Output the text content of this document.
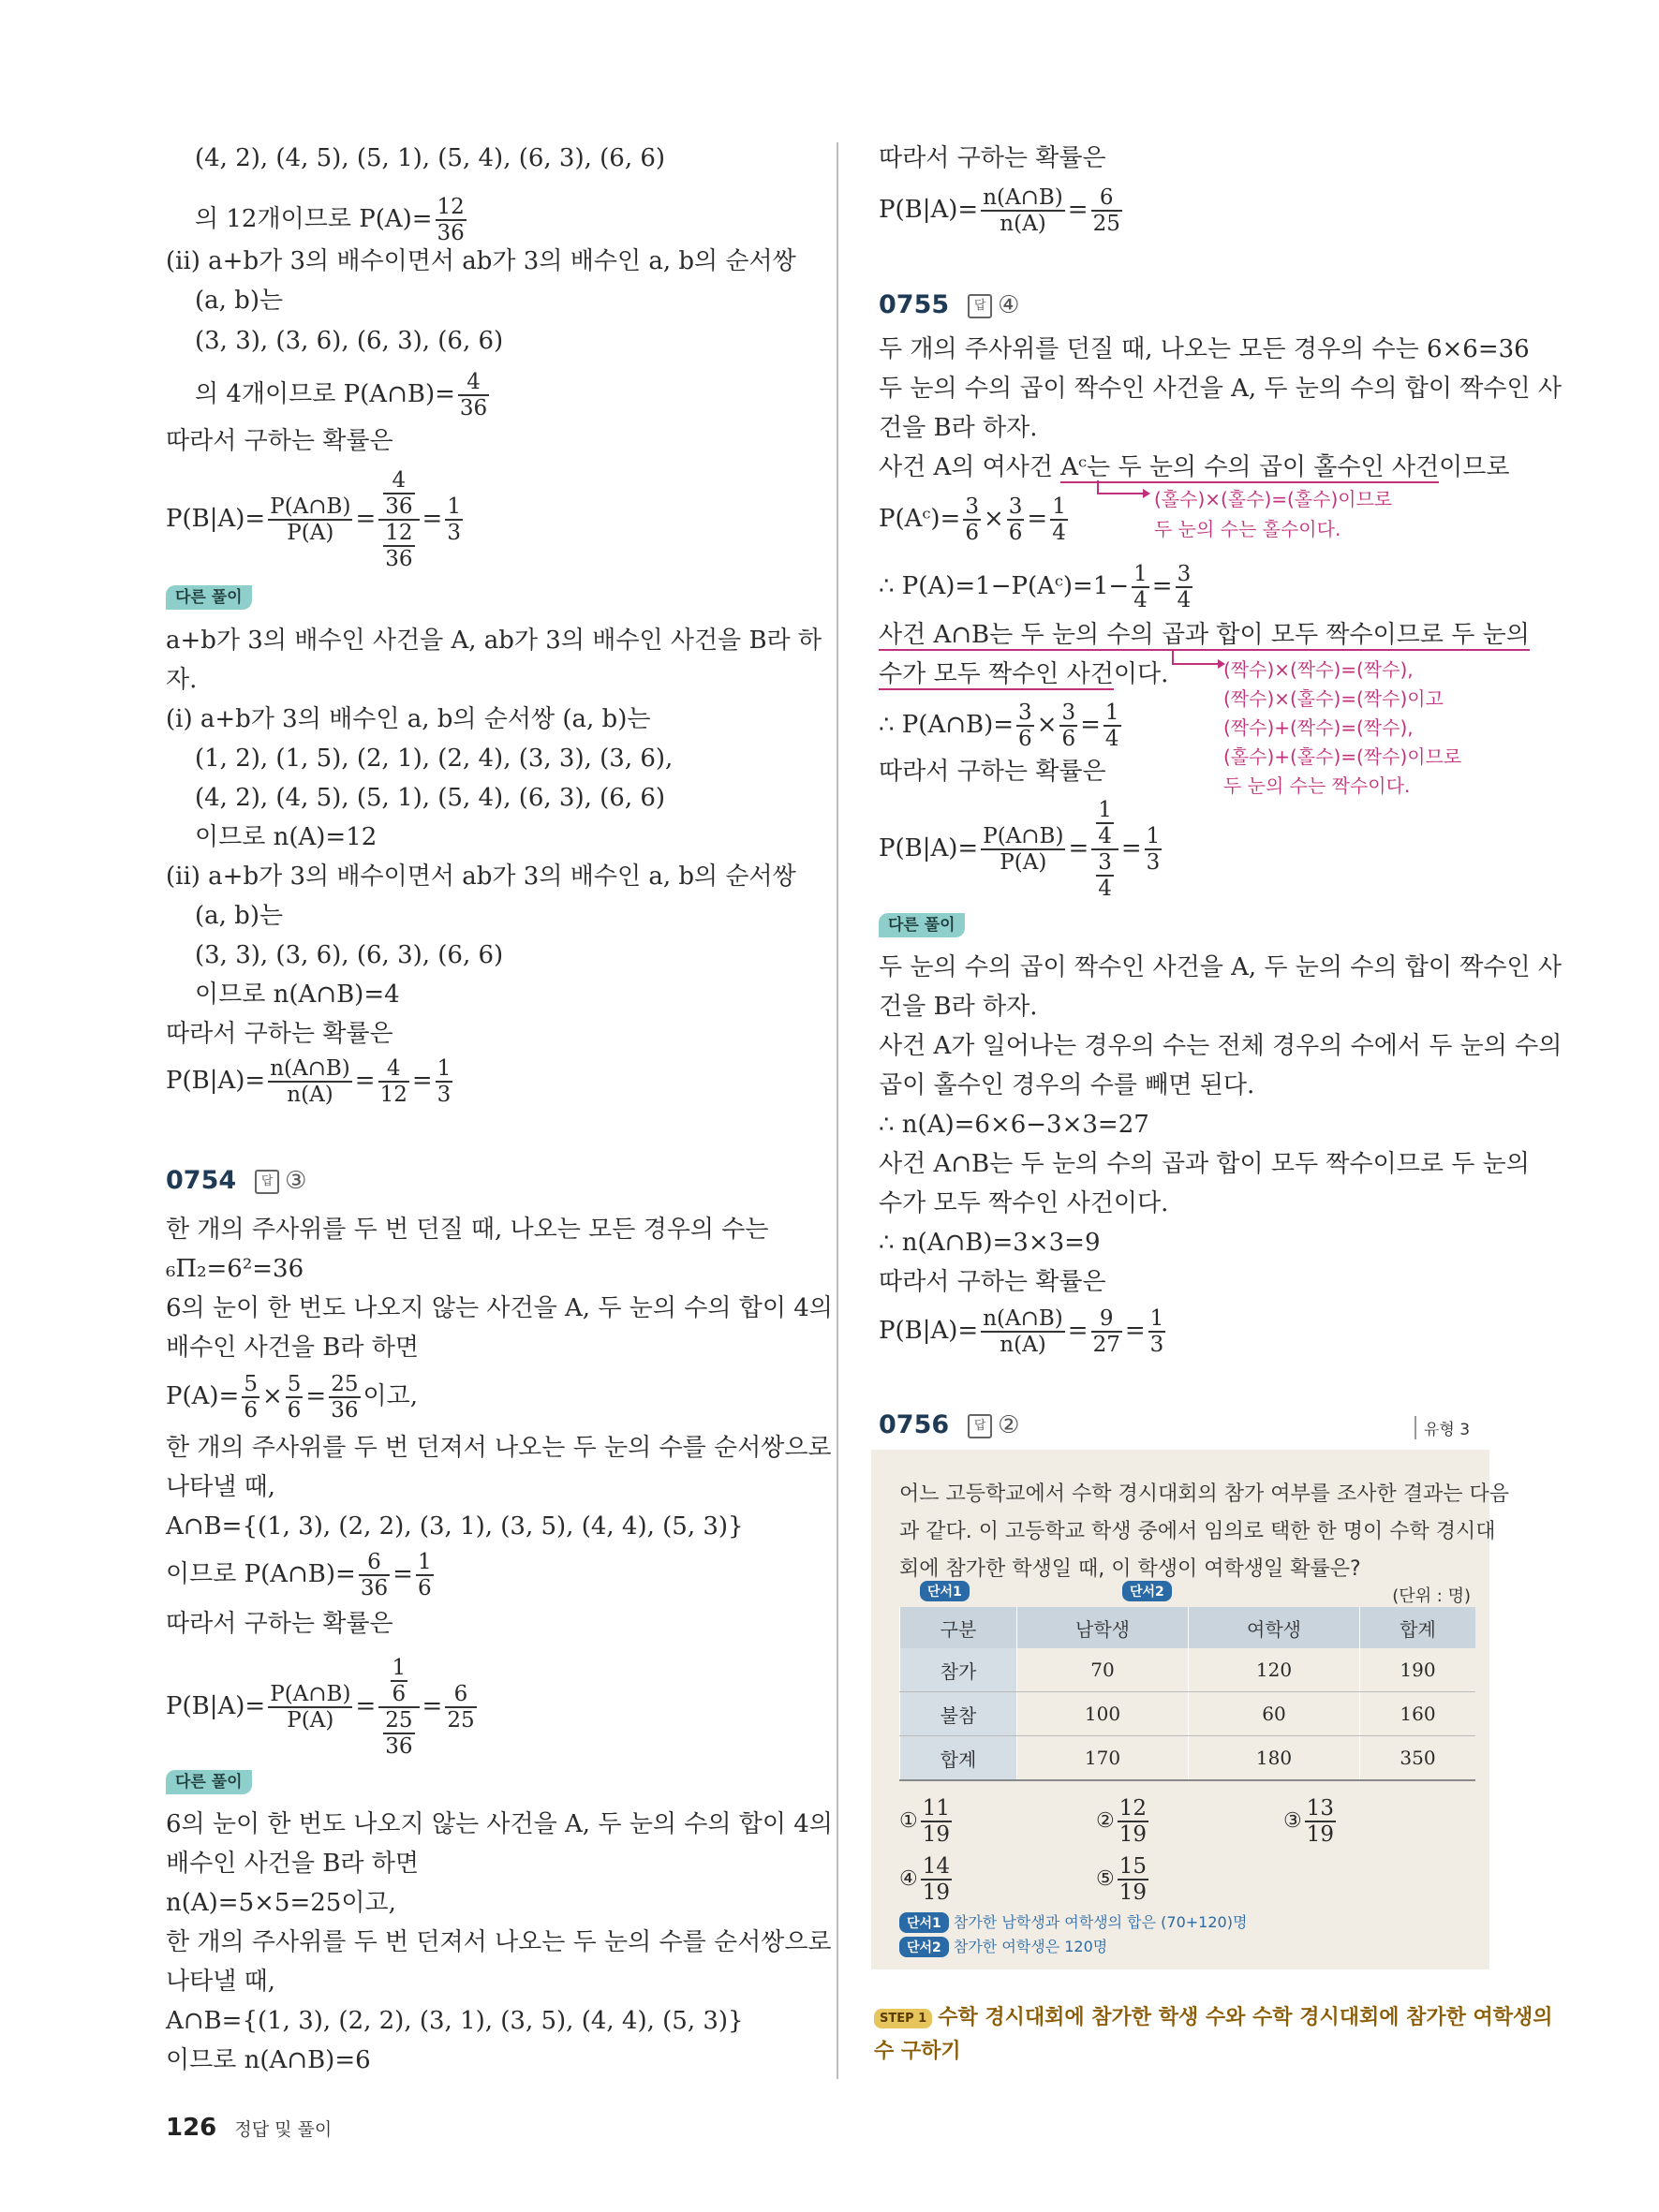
(4, 2), (4, 5), (5, 1), (5, 4), (6, 3), (6, 6)
의 12개이므로 $P(A)= \frac{12}{36}$
(ii) a+b가 3의 배수이면서 ab가 3의 배수인 a, b의 순서쌍
(a, b)는
(3, 3), (3, 6), (6, 3), (6, 6)
의 4개이므로 P(A∩B)= $\frac{4}{36}$
따라서 구하는 확률은
$P(B|A)= \frac{P(A\cap B)}{P(A)} = \frac{\frac{4}{36}}{\frac{12}{36}} = \frac{1}{3}$
다른 풀이
a+b가 3의 배수인 사건을 A, ab가 3의 배수인 사건을 B라 하
자.
(i) a+b가 3의 배수인 a, b의 순서쌍 (a, b)는
(1, 2), (1, 5), (2, 1), (2, 4), (3, 3), (3, 6),
(4, 2), (4, 5), (5, 1), (5, 4), (6, 3), (6, 6)
이므로 n(A)=12
(ii) a+b가 3의 배수이면서 ab가 3의 배수인 a, b의 순서쌍
(a, b)는
(3, 3), (3, 6), (6, 3), (6, 6)
이므로 n(A∩B)=4
따라서 구하는 확률은
$P(B|A)= \frac{n(A\cap B)}{n(A)} = \frac{4}{12} = \frac{1}{3}$
0754 답 ③
한 개의 주사위를 두 번 던질 때, 나오는 모든 경우의 수는
₆Π₂=6²=36
6의 눈이 한 번도 나오지 않는 사건을 A, 두 눈의 수의 합이 4의
배수인 사건을 B라 하면
$P(A)= \frac{5}{6} \times \frac{5}{6} = \frac{25}{36}$ 이고,
한 개의 주사위를 두 번 던져서 나오는 두 눈의 수를 순서쌍으로
나타낼 때,
A∩B={(1, 3), (2, 2), (3, 1), (3, 5), (4, 4), (5, 3)}
이므로 P(A∩B)= $\frac{6}{36} = \frac{1}{6}$
따라서 구하는 확률은
$P(B|A)= \frac{P(A\cap B)}{P(A)} = \frac{\frac{1}{6}}{\frac{25}{36}} = \frac{6}{25}$
다른 풀이
6의 눈이 한 번도 나오지 않는 사건을 A, 두 눈의 수의 합이 4의
배수인 사건을 B라 하면
n(A)=5×5=25이고,
한 개의 주사위를 두 번 던져서 나오는 두 눈의 수를 순서쌍으로
나타낼 때,
A∩B={(1, 3), (2, 2), (3, 1), (3, 5), (4, 4), (5, 3)}
이므로 n(A∩B)=6
따라서 구하는 확률은
$P(B|A)= \frac{n(A\cap B)}{n(A)} = \frac{6}{25}$
0755 답 ④
두 개의 주사위를 던질 때, 나오는 모든 경우의 수는 6×6=36
두 눈의 수의 곱이 짝수인 사건을 A, 두 눈의 수의 합이 짝수인 사
건을 B라 하자.
사건 A의 여사건 Aᶜ는 두 눈의 수의 곱이 홀수인 사건이므로
P(Aᶜ)= $\frac{3}{6} \times \frac{3}{6} = \frac{1}{4}$	(홀수)×(홀수)=(홀수)이므로
두 눈의 수는 홀수이다.
∴ P(A)=1−P(Aᶜ)=1− $\frac{1}{4} = \frac{3}{4}$
사건 A∩B는 두 눈의 수의 곱과 합이 모두 짝수이므로 두 눈의
수가 모두 짝수인 사건이다.	(짝수)×(짝수)=(짝수),
(짝수)×(홀수)=(짝수)이고
(짝수)+(짝수)=(짝수),
(홀수)+(홀수)=(짝수)이므로
두 눈의 수는 짝수이다.
∴ P(A∩B)= $\frac{3}{6} \times \frac{3}{6} = \frac{1}{4}$
따라서 구하는 확률은
$P(B|A)= \frac{P(A\cap B)}{P(A)} = \frac{\frac{1}{4}}{\frac{3}{4}} = \frac{1}{3}$
다른 풀이
두 눈의 수의 곱이 짝수인 사건을 A, 두 눈의 수의 합이 짝수인 사
건을 B라 하자.
사건 A가 일어나는 경우의 수는 전체 경우의 수에서 두 눈의 수의
곱이 홀수인 경우의 수를 빼면 된다.
∴ n(A)=6×6−3×3=27
사건 A∩B는 두 눈의 수의 곱과 합이 모두 짝수이므로 두 눈의
수가 모두 짝수인 사건이다.
∴ n(A∩B)=3×3=9
따라서 구하는 확률은
$P(B|A)= \frac{n(A\cap B)}{n(A)} = \frac{9}{27} = \frac{1}{3}$
0756 답 ②	유형 3
어느 고등학교에서 수학 경시대회의 참가 여부를 조사한 결과는 다음
과 같다. 이 고등학교 학생 중에서 임의로 택한 한 명이 수학 경시대
회에 참가한 학생일 때, 이 학생이 여학생일 확률은?
단서1	단서2	(단위 : 명)
구분	남학생	여학생	합계
참가	70	120	190
불참	100	60	160
합계	170	180	350
① $\frac{11}{19}$	② $\frac{12}{19}$	③ $\frac{13}{19}$
④ $\frac{14}{19}$	⑤ $\frac{15}{19}$
단서1 참가한 남학생과 여학생의 합은 (70+120)명
단서2 참가한 여학생은 120명
STEP 1 수학 경시대회에 참가한 학생 수와 수학 경시대회에 참가한 여학생의
수 구하기
126 정답 및 풀이
